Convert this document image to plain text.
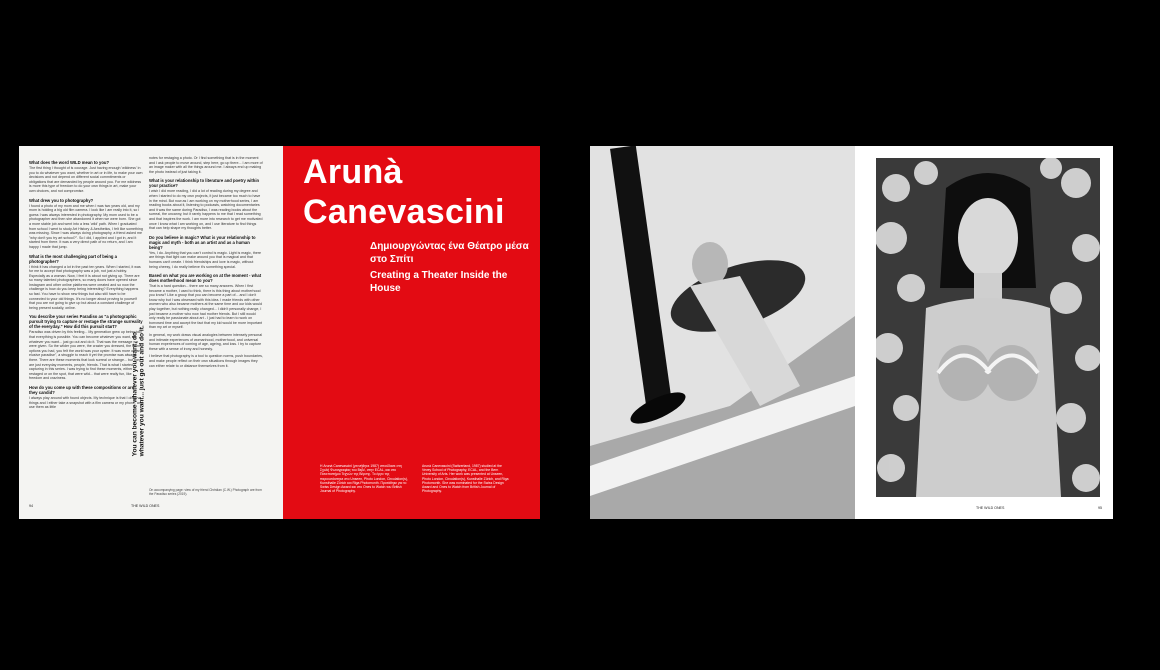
What does the word WILD mean to you?

The first thing I thought of is courage. Just having enough 'wildness' in you to do whatever you want, whether in art or in life, to make your own decisions and not depend on different social commitments or obligations that are demanded by people around you. For me wildness is more this type of freedom to do your own things in art, make your own choices, and not compromise.

What drew you to photography?

I found a photo of my mom and me when I was two years old, and my mom is holding a big old film camera. I look like I am really into it, so I guess I was always interested in photography. My mom used to be a photographer and then she abandoned it when we were born. She got a more stable job and went into a less 'wild' path. When I graduated from school I went to study Art History & Aesthetics, I felt like something was missing. Since I was always doing photography, a friend asked me "why don't you try art school?". So I did, I applied and I got in, and it started from there. It was a very direct path of no return, and I am happy I made that jump.

What is the most challenging part of being a photographer?

I think it has changed a lot in the past ten years. When I started, it was for me to accept that photography was a job, not just a hobby. Especially as a woman. Now, I feel it is about not giving up. There are so many talented photographers, so many doors have opened since Instagram and other online platforms were created and so now the challenge is how do you keep being interesting? Everything happens so fast. You have to show new things but also still have to be connected to your old things. It's no longer about proving to yourself that you are not going to give up but about a constant challenge of being present socially, online.

You describe your series Paradiso as "a photographic pursuit trying to capture or restage the strange surreality of the everyday." How did this pursuit start?

Paradiso was driven by this feeling... My generation grew up being told that everything is possible. You can become whatever you want, do whatever you want... just go out and do it. That was the message we were given. So the wilder you were, the crazier you dressed, the more options you had, you felt the world was your oyster. It was more of "an elusive paradise", a struggle to reach it yet the promise was always there. There are these moments that look surreal or strange... but they are just everyday moments, people, friends. That is what I started capturing in this series. I was trying to find these moments, either restaged or on the spot, that were wild... that were really fun, like freedom and craziness.

How do you come up with these compositions or are they candid?

I always play around with found objects. My technique is that I observe things and I either take a snapshot with a film camera or my phone, and use them as little

notes for restaging a photo. Or I find something that is in the moment and I ask people to move around, step here, go up there... I am more of an image maker with all the things around me. I always end up making the photo instead of just taking it.

What is your relationship to literature and poetry within your practice?

I wish I did more reading, I did a lot of reading during my degree and when I started to do my own projects, it just became too much to have in the mind. But now as I am working on my motherhood series, I am reading books about it, listening to podcasts, watching documentaries and it was the same during Paradiso, I was reading books about the surreal, the uncanny, but it rarely happens to me that I read something and that inspires the work. I am more into research to get me motivated once I know what I am working on, and I use literature to find things that can help shape my thoughts better.

Do you believe in magic? What is your relationship to magic and myth - both as an artist and as a human being?

Yes, I do. Anything that you can't control is magic. Light is magic, there are things that light can make around you that is magical and that humans can't create. I think friendships and love is magic, without being cheesy, I do really believe it's something special.

Based on what you are working on at the moment - what does motherhood mean to you?

That is a hard question... there are so many answers. When I first became a mother, I used to think, there is this thing about motherhood you know? Like a group that you can become a part of... and I don't know why but I was obsessed with this idea. I made friends with other women who also became mothers at the same time and our kids would play together, but nothing really changed... I didn't personally change, I just became a mother who now had mother friends. But I still would only really be passionate about art - I just had to learn to work on borrowed time and accept the fact that my kid would be more important than my art or myself.

In general, my work draws visual analogies between intensely personal and intimate experiences of womanhood, motherhood, and universal human experiences of coming of age, ageing, and loss. I try to capture these with a sense of irony and honesty.

I believe that photography is a tool to question norms, push boundaries, and make people reflect on their own situations through images they can either relate to or distance themselves from it.

You can become whatever you want, do whatever you want... just go out and do it.
On accompanying page: view of my friend Christian (C.W.) Photograph are from the Paradiso series (2019).
94	THE WILD ONES
Arunà
Canevascini
Δημιουργώντας ένα Θέατρο μέσα στο Σπίτι
Creating a Theater Inside the House
Η Arunà Canevascini (γεννήθηκε 1987) σπούδασε στη Σχολή Φωτογραφίας του Βεβέ, στην ECAL, και στο Πανεπιστήμιο Τεχνών της Βέρνης. Το έργο της παρουσιάστηκε στο Unseen, Photo London, Circulation(s), Kunsthalle Zürich και Riga Photomonth. Προτάθηκε για το Swiss Design Award και στο Ones to Watch του British Journal of Photography.
Arunà Canevascini (Switzerland, 1987) studied at the Vevey School of Photography, ECAL, and the Bern University of Arts. Her work was presented at Unseen, Photo London, Circulation(s), Kunsthalle Zürich, and Riga Photomonth. She was nominated for the Swiss Design Award and Ones to Watch from British Journal of Photography.
THE WILD ONES	95
